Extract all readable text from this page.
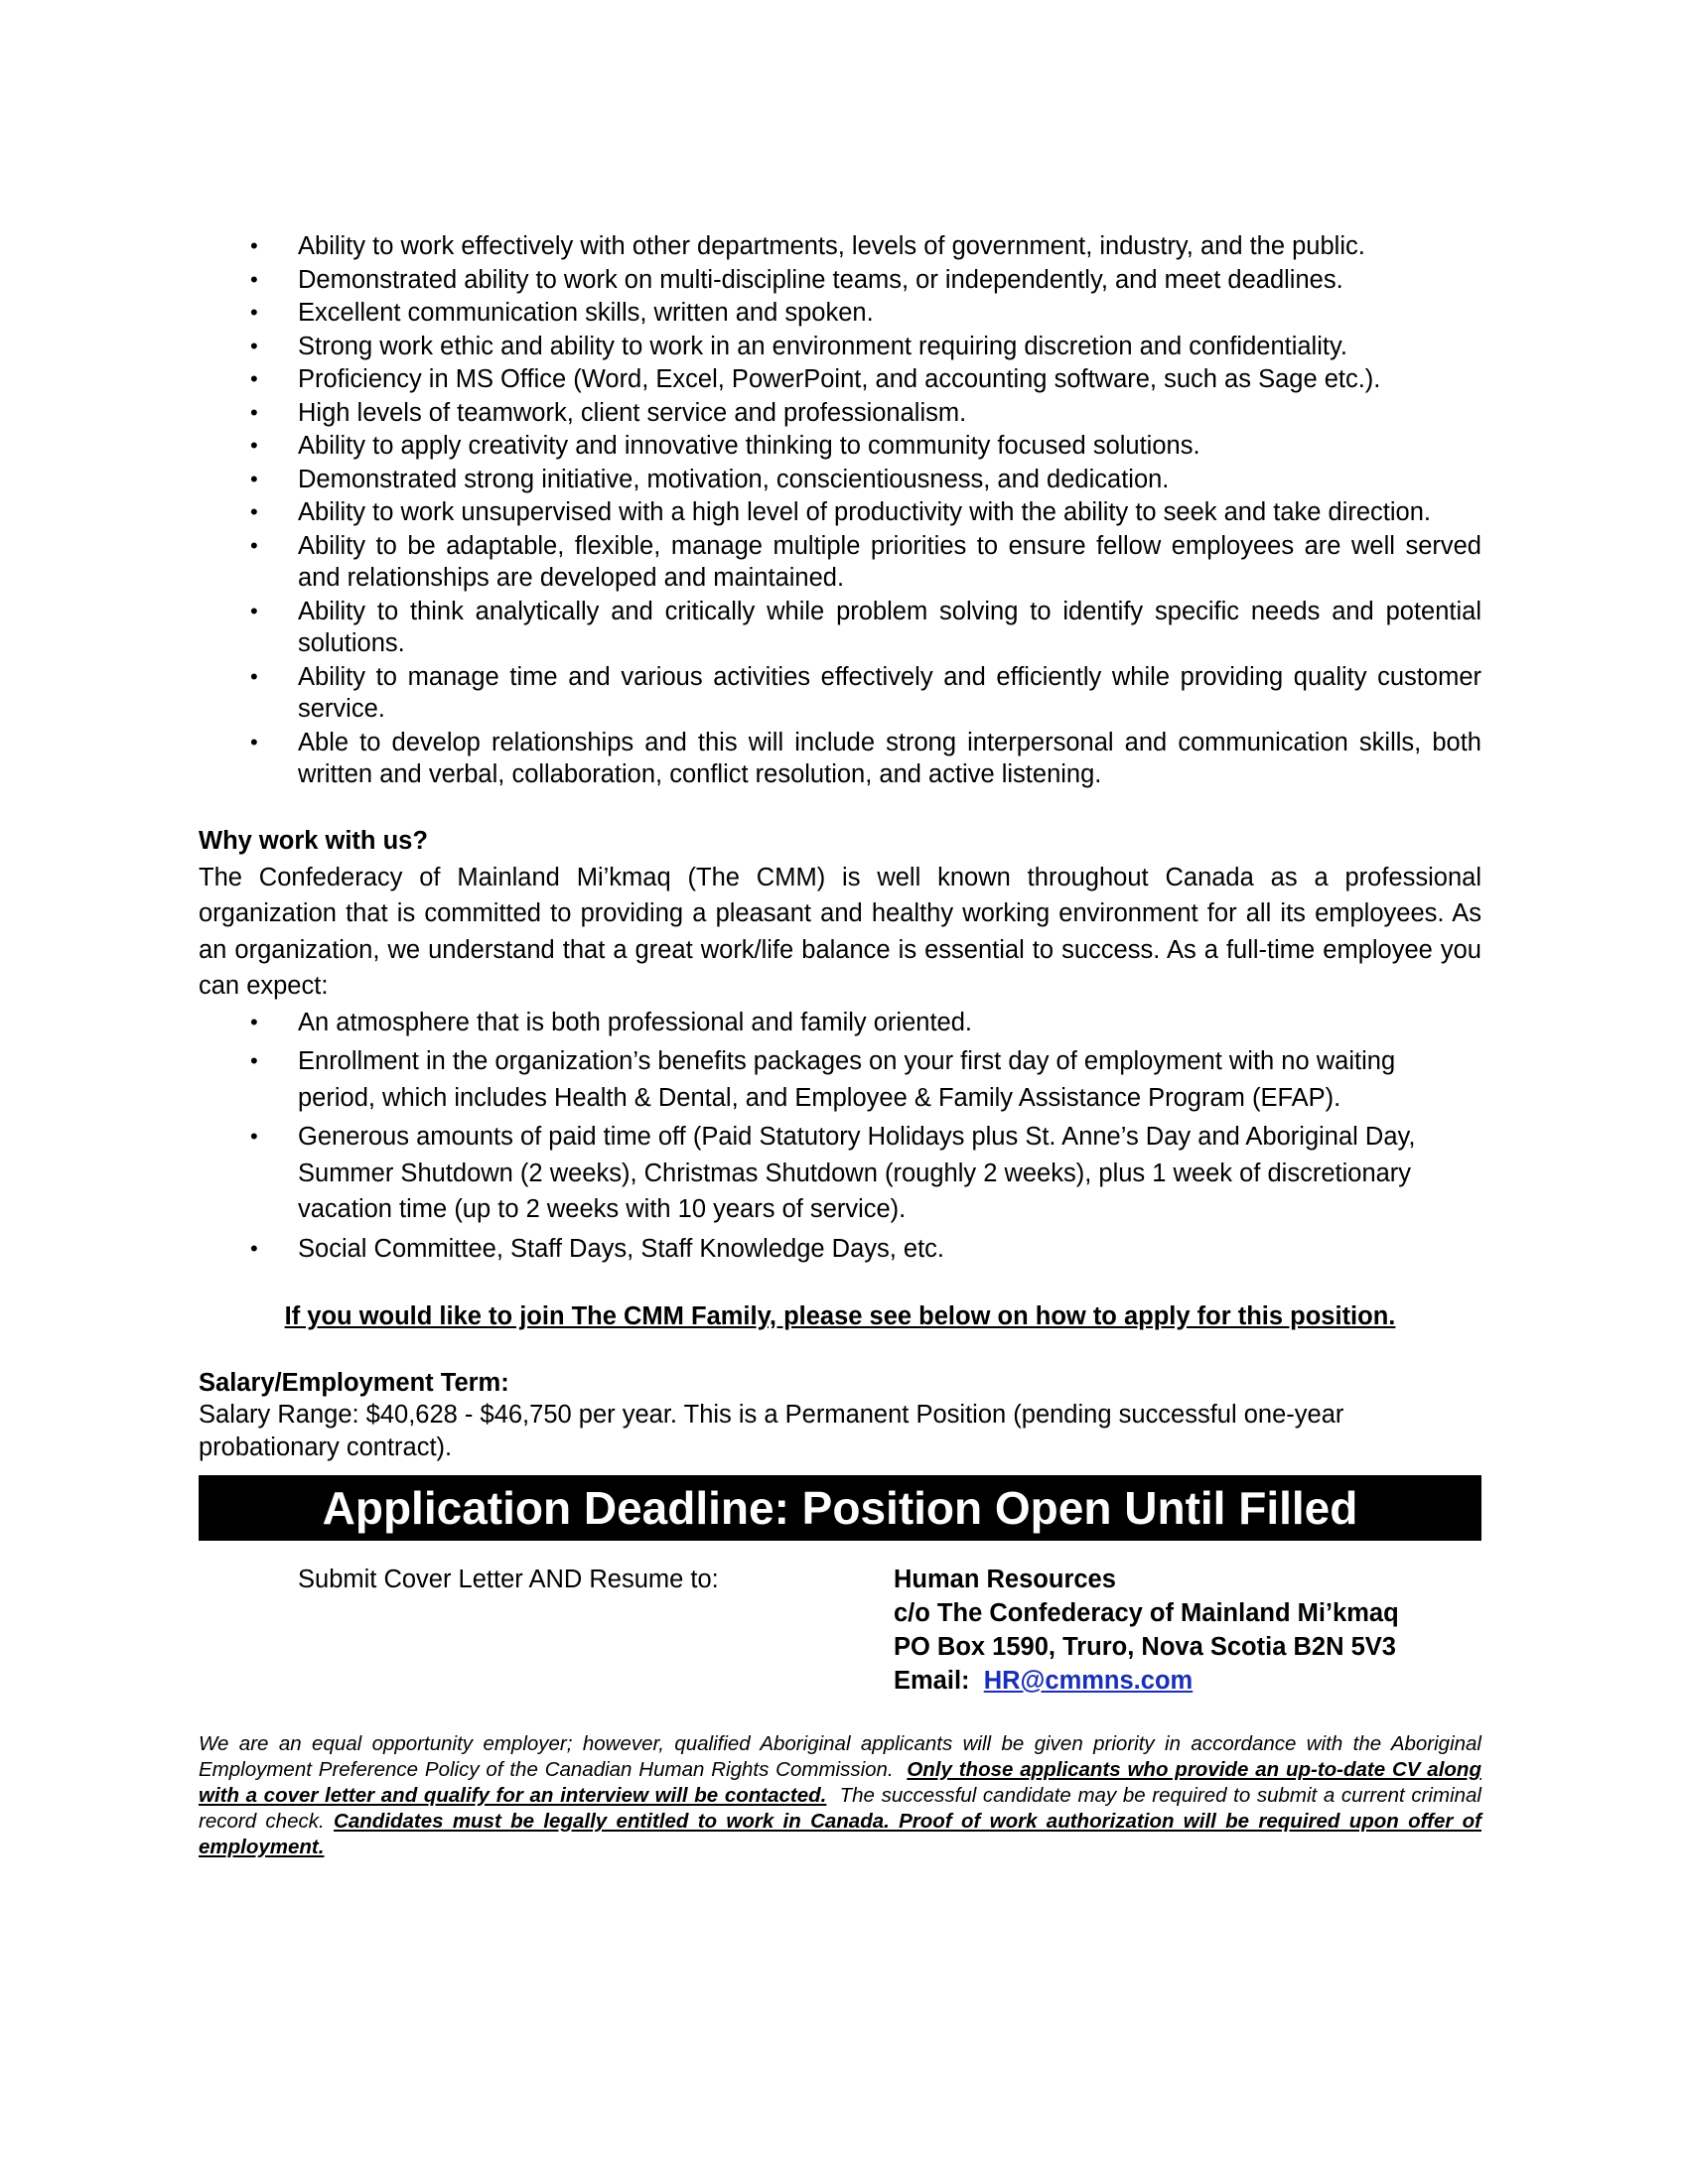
• Ability to work effectively with other departments, levels of government, industry, and the public.
• Demonstrated ability to work on multi-discipline teams, or independently, and meet deadlines.
• Excellent communication skills, written and spoken.
• Strong work ethic and ability to work in an environment requiring discretion and confidentiality.
• Proficiency in MS Office (Word, Excel, PowerPoint, and accounting software, such as Sage etc.).
• High levels of teamwork, client service and professionalism.
• Ability to apply creativity and innovative thinking to community focused solutions.
• Demonstrated strong initiative, motivation, conscientiousness, and dedication.
• Ability to work unsupervised with a high level of productivity with the ability to seek and take direction.
• Ability to be adaptable, flexible, manage multiple priorities to ensure fellow employees are well served and relationships are developed and maintained.
• Ability to think analytically and critically while problem solving to identify specific needs and potential solutions.
• Ability to manage time and various activities effectively and efficiently while providing quality customer service.
• Able to develop relationships and this will include strong interpersonal and communication skills, both written and verbal, collaboration, conflict resolution, and active listening.
Why work with us?
The Confederacy of Mainland Mi’kmaq (The CMM) is well known throughout Canada as a professional organization that is committed to providing a pleasant and healthy working environment for all its employees. As an organization, we understand that a great work/life balance is essential to success. As a full-time employee you can expect:
• An atmosphere that is both professional and family oriented.
• Enrollment in the organization’s benefits packages on your first day of employment with no waiting period, which includes Health & Dental, and Employee & Family Assistance Program (EFAP).
• Generous amounts of paid time off (Paid Statutory Holidays plus St. Anne’s Day and Aboriginal Day, Summer Shutdown (2 weeks), Christmas Shutdown (roughly 2 weeks), plus 1 week of discretionary vacation time (up to 2 weeks with 10 years of service).
• Social Committee, Staff Days, Staff Knowledge Days, etc.
If you would like to join The CMM Family, please see below on how to apply for this position.
Salary/Employment Term:
Salary Range: $40,628 - $46,750 per year. This is a Permanent Position (pending successful one-year probationary contract).
Application Deadline: Position Open Until Filled
Submit Cover Letter AND Resume to:	Human Resources
c/o The Confederacy of Mainland Mi’kmaq
PO Box 1590, Truro, Nova Scotia B2N 5V3
Email: HR@cmmns.com
We are an equal opportunity employer; however, qualified Aboriginal applicants will be given priority in accordance with the Aboriginal Employment Preference Policy of the Canadian Human Rights Commission. Only those applicants who provide an up-to-date CV along with a cover letter and qualify for an interview will be contacted. The successful candidate may be required to submit a current criminal record check. Candidates must be legally entitled to work in Canada. Proof of work authorization will be required upon offer of employment.
